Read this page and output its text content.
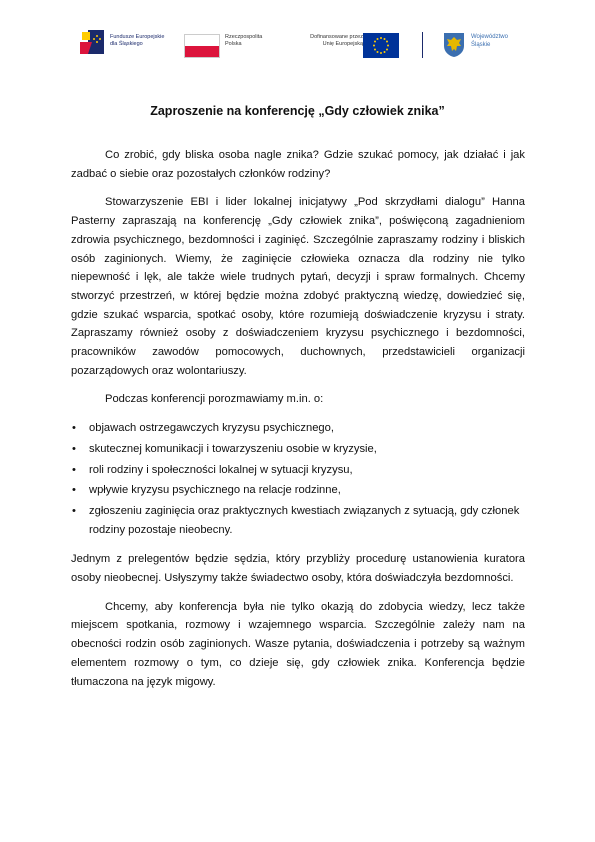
Fundusze Europejskie
dla Śląskiego
Rzeczpospolita
Polska
Dofinansowane przez
Unię Europejską
Województwo
Śląskie
Zaproszenie na konferencję „Gdy człowiek znika”

Co zrobić, gdy bliska osoba nagle znika? Gdzie szukać pomocy, jak działać i jak zadbać o siebie oraz pozostałych członków rodziny?

Stowarzyszenie EBI i lider lokalnej inicjatywy „Pod skrzydłami dialogu” Hanna Pasterny zapraszają na konferencję „Gdy człowiek znika”, poświęconą zagadnieniom zdrowia psychicznego, bezdomności i zaginięć. Szczególnie zapraszamy rodziny i bliskich osób zaginionych. Wiemy, że zaginięcie człowieka oznacza dla rodziny nie tylko niepewność i lęk, ale także wiele trudnych pytań, decyzji i spraw formalnych. Chcemy stworzyć przestrzeń, w której będzie można zdobyć praktyczną wiedzę, dowiedzieć się, gdzie szukać wsparcia, spotkać osoby, które rozumieją doświadczenie kryzysu i straty. Zapraszamy również osoby z doświadczeniem kryzysu psychicznego i bezdomności, pracowników zawodów pomocowych, duchownych, przedstawicieli organizacji pozarządowych oraz wolontariuszy.

Podczas konferencji porozmawiamy m.in. o:

• objawach ostrzegawczych kryzysu psychicznego,
• skutecznej komunikacji i towarzyszeniu osobie w kryzysie,
• roli rodziny i społeczności lokalnej w sytuacji kryzysu,
• wpływie kryzysu psychicznego na relacje rodzinne,
• zgłoszeniu zaginięcia oraz praktycznych kwestiach związanych z sytuacją, gdy członek rodziny pozostaje nieobecny.

Jednym z prelegentów będzie sędzia, który przybliży procedurę ustanowienia kuratora osoby nieobecnej. Usłyszymy także świadectwo osoby, która doświadczyła bezdomności.

Chcemy, aby konferencja była nie tylko okazją do zdobycia wiedzy, lecz także miejscem spotkania, rozmowy i wzajemnego wsparcia. Szczególnie zależy nam na obecności rodzin osób zaginionych. Wasze pytania, doświadczenia i potrzeby są ważnym elementem rozmowy o tym, co dzieje się, gdy człowiek znika. Konferencja będzie tłumaczona na język migowy.
